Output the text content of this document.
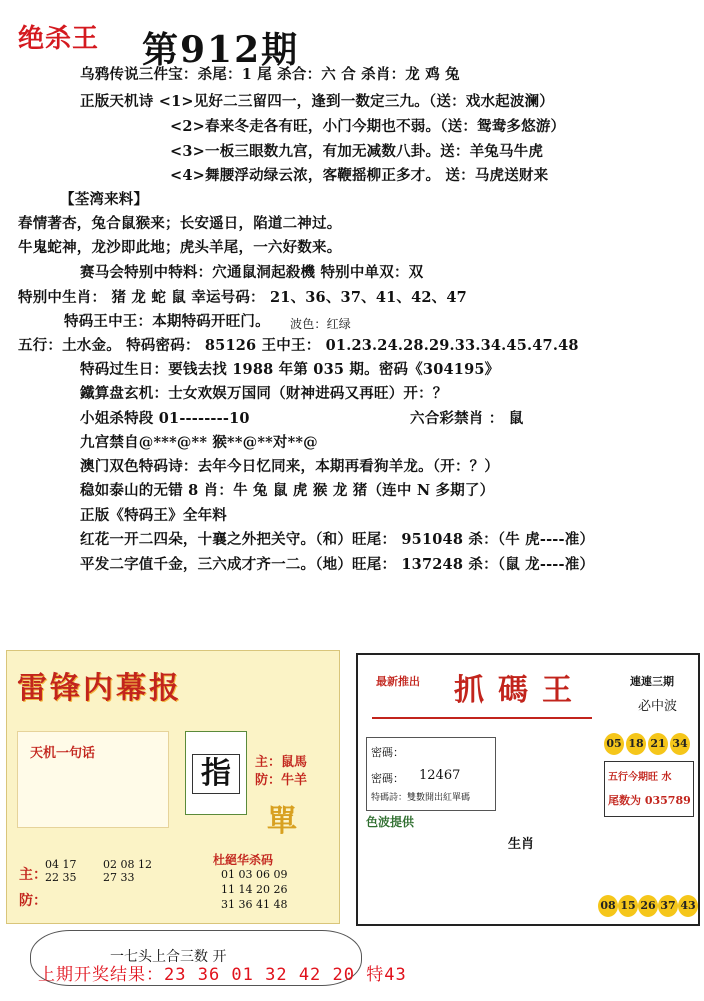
绝杀王 第912期
乌鸦传说三件宝：杀尾：1 尾 杀合：六 合 杀肖：龙 鸡 兔
正版天机诗 <1>见好二三留四一，逢到一数定三九。（送：戏水起波澜）
<2>春来冬走各有旺，小门今期也不弱。（送：鸳鸯多悠游）
<3>一板三眼数九宫，有加无减数八卦。送：羊兔马牛虎
<4>舞腰浮动绿云浓，客鞭摇柳正多才。 送：马虎送财来
【荃湾来料】
春情著杏，兔合鼠猴来；长安遥日，陷道二神过。
牛鬼蛇神，龙沙即此地；虎头羊尾，一六好数来。
赛马会特别中特料：穴通鼠洞起殺機 特别中单双：双
特别中生肖： 猪 龙 蛇 鼠 幸运号码： 21、36、37、41、42、47
特码王中王：本期特码开旺门。 波色：红绿
五行：土水金。 特码密码： 85126 王中王： 01.23.24.28.29.33.34.45.47.48
特码过生日：要钱去找 1988 年第 035 期。密码《304195》
鐵算盘玄机：士女欢娱万国同（财神进码又再旺）开：？
小姐杀特段 01--------10	六合彩禁肖 ： 鼠
九宫禁自@***@** 猴**@**对**@
澳门双色特码诗：去年今日忆同来，本期再看狗羊龙。（开：？）
稳如泰山的无错 8 肖：牛 兔 鼠 虎 猴 龙 猪（连中 N 多期了）
正版《特码王》全年料
红花一开二四朵，十襄之外把关守。（和）旺尾： 951048 杀：（牛 虎----准）
平发二字值千金，三六成才齐一二。（地）旺尾： 137248 杀：（鼠 龙----准）
雷锋内幕报
天机一句话
指	主：鼠馬
防：牛羊
單
主：
防：
04 17
22 35
02 08 12
27 33
杜絕华杀码
01 03 06 09
11 14 20 26
31 36 41 48
最新推出 抓碼王	連連三期
必中波
密碼：
密碼： 12467
特碼詩：雙數開出紅單碼
05 18 21 34
五行今期旺 水
尾数为 035789
色波提供
生肖
08 15 26 37 43
一七头上合三数 开
上期开奖结果：23 36 01 32 42 20 特43
